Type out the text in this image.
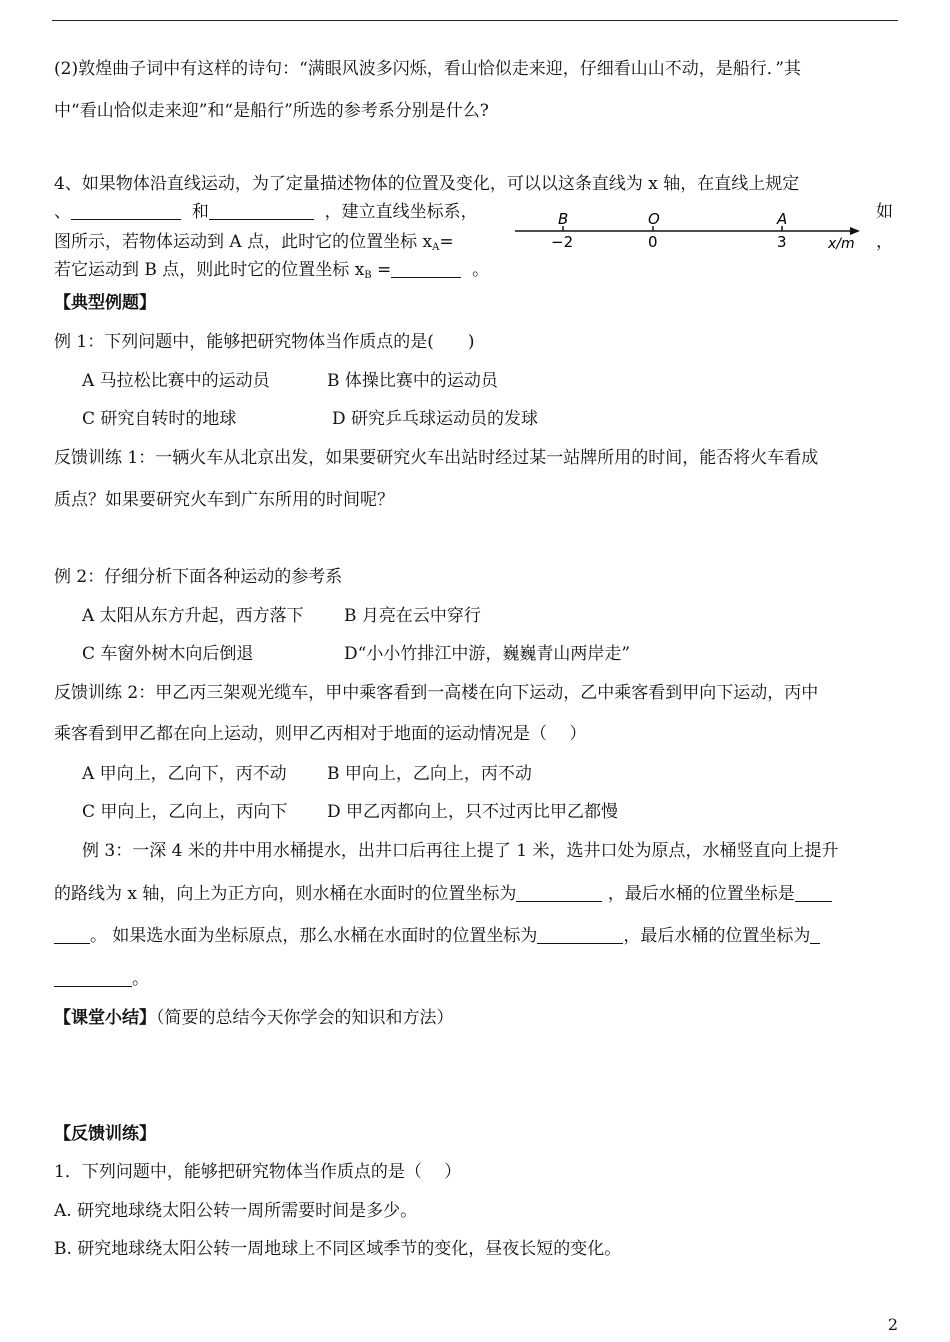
(2)敦煌曲子词中有这样的诗句：“满眼风波多闪烁，看山恰似走来迎，仔细看山山不动，是船行．”其
中“看山恰似走来迎”和“是船行”所选的参考系分别是什么?
4、如果物体沿直线运动，为了定量描述物体的位置及变化，可以以这条直线为 x 轴，在直线上规定
、	和	，建立直线坐标系，	如
图所示，若物体运动到 A 点，此时它的位置坐标 $x_A=$	，
若它运动到 B 点，则此时它的位置坐标 $x_B$ =	。
B	O	A
−2	0	3	x/m
【典型例题】
例 1：下列问题中，能够把研究物体当作质点的是(　　)
A 马拉松比赛中的运动员	B 体操比赛中的运动员
C 研究自转时的地球	D 研究乒乓球运动员的发球
反馈训练 1：一辆火车从北京出发，如果要研究火车出站时经过某一站牌所用的时间，能否将火车看成
质点？如果要研究火车到广东所用的时间呢？
例 2：仔细分析下面各种运动的参考系
A 太阳从东方升起，西方落下 B 月亮在云中穿行
C 车窗外树木向后倒退	D“小小竹排江中游，巍巍青山两岸走”
反馈训练 2：甲乙丙三架观光缆车，甲中乘客看到一高楼在向下运动，乙中乘客看到甲向下运动，丙中
乘客看到甲乙都在向上运动，则甲乙丙相对于地面的运动情况是（　 ）
A 甲向上，乙向下，丙不动 B 甲向上，乙向上，丙不动
C 甲向上，乙向上，丙向下 D 甲乙丙都向上，只不过丙比甲乙都慢
例 3：一深 4 米的井中用水桶提水，出井口后再往上提了 1 米，选井口处为原点，水桶竖直向上提升
的路线为 x 轴，向上为正方向，则水桶在水面时的位置坐标为	，最后水桶的位置坐标是
。 如果选水面为坐标原点，那么水桶在水面时的位置坐标为	，最后水桶的位置坐标为
。
【课堂小结】（简要的总结今天你学会的知识和方法）
【反馈训练】
1．下列问题中，能够把研究物体当作质点的是（　 ）
A. 研究地球绕太阳公转一周所需要时间是多少。
B. 研究地球绕太阳公转一周地球上不同区域季节的变化，昼夜长短的变化。
2
